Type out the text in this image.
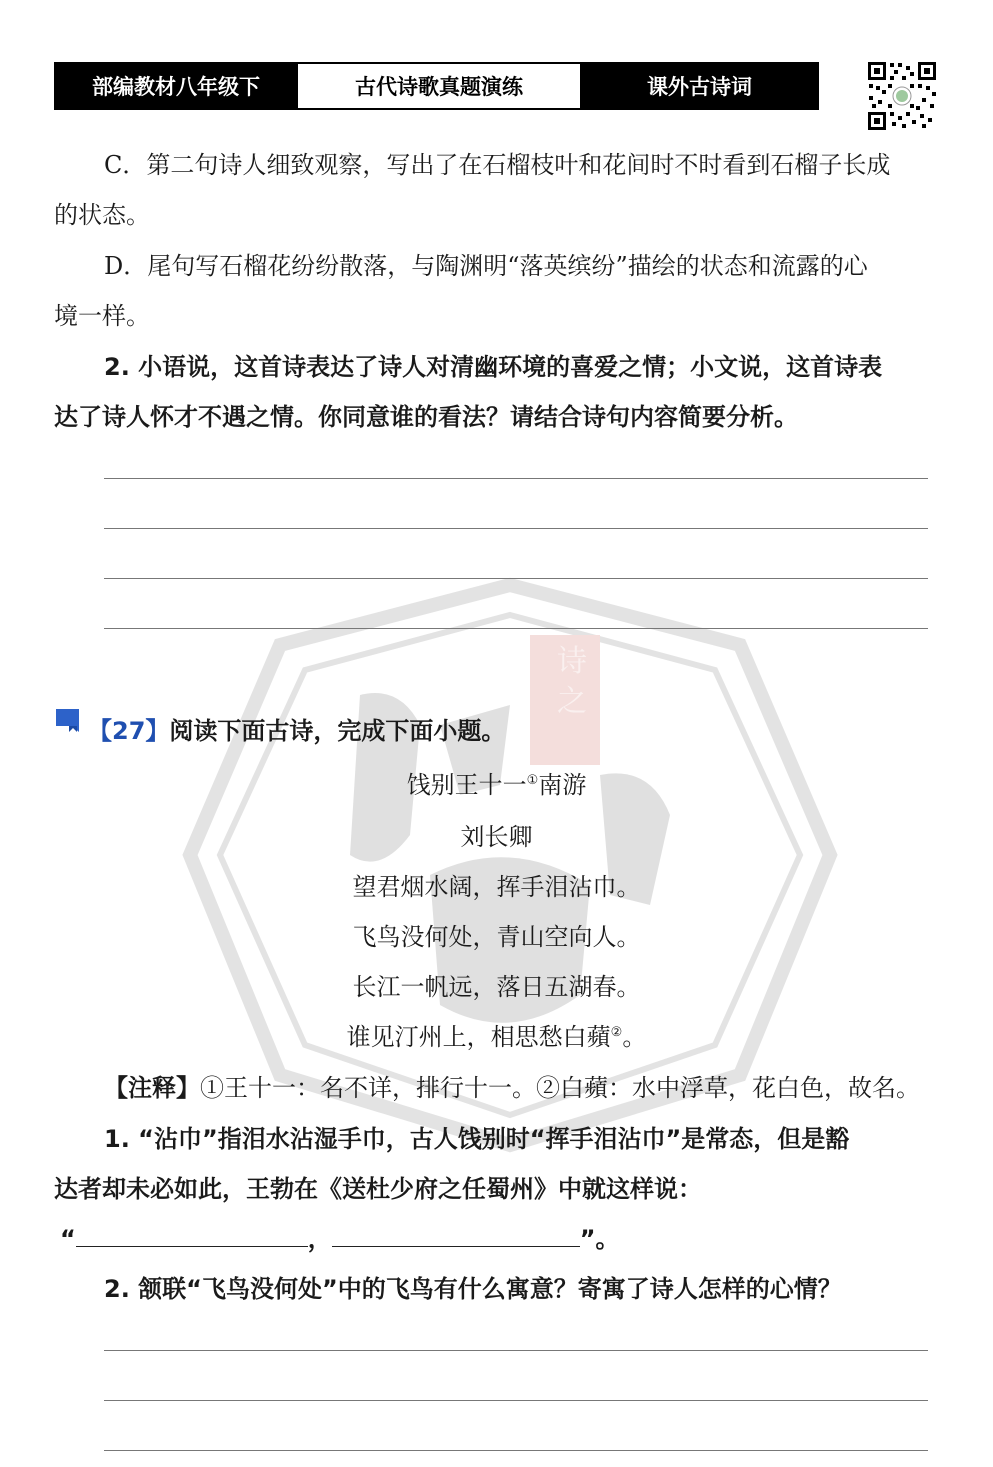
部编教材八年级下	古代诗歌真题演练	课外古诗词
诗之
C．第二句诗人细致观察，写出了在石榴枝叶和花间时不时看到石榴子长成
的状态。
D．尾句写石榴花纷纷散落，与陶渊明“落英缤纷”描绘的状态和流露的心
境一样。
2. 小语说，这首诗表达了诗人对清幽环境的喜爱之情；小文说，这首诗表
达了诗人怀才不遇之情。你同意谁的看法？请结合诗句内容简要分析。
【27】阅读下面古诗，完成下面小题。
饯别王十一①南游
刘长卿
望君烟水阔，挥手泪沾巾。
飞鸟没何处，青山空向人。
长江一帆远，落日五湖春。
谁见汀州上，相思愁白蘋②。
【注释】①王十一：名不详，排行十一。②白蘋：水中浮草，花白色，故名。
1. “沾巾”指泪水沾湿手巾，古人饯别时“挥手泪沾巾”是常态，但是豁
达者却未必如此，王勃在《送杜少府之任蜀州》中就这样说：
“	，	”。
2. 颔联“飞鸟没何处”中的飞鸟有什么寓意？寄寓了诗人怎样的心情？
